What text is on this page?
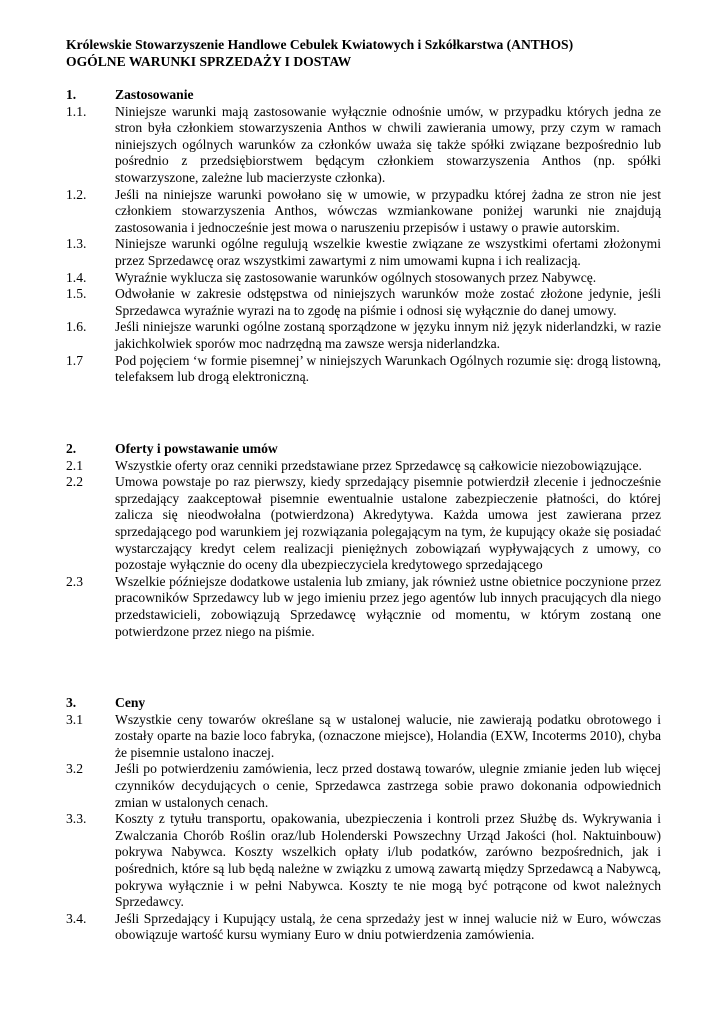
Królewskie Stowarzyszenie Handlowe Cebulek Kwiatowych i Szkółkarstwa (ANTHOS)
OGÓLNE WARUNKI SPRZEDAŻY I DOSTAW
1.	Zastosowanie
1.1.	Niniejsze warunki mają zastosowanie wyłącznie odnośnie umów, w przypadku których jedna ze stron była członkiem stowarzyszenia Anthos w chwili zawierania umowy, przy czym w ramach niniejszych ogólnych warunków za członków uważa się także spółki związane bezpośrednio lub pośrednio z przedsiębiorstwem będącym członkiem stowarzyszenia Anthos (np. spółki stowarzyszone, zależne lub macierzyste członka).
1.2.	Jeśli na niniejsze warunki powołano się w umowie, w przypadku której żadna ze stron nie jest członkiem stowarzyszenia Anthos, wówczas wzmiankowane poniżej warunki nie znajdują zastosowania i jednocześnie jest mowa o naruszeniu przepisów i ustawy o prawie autorskim.
1.3.	Niniejsze warunki ogólne regulują wszelkie kwestie związane ze wszystkimi ofertami złożonymi przez Sprzedawcę oraz wszystkimi zawartymi z nim umowami kupna i ich realizacją.
1.4.	Wyraźnie wyklucza się zastosowanie warunków ogólnych stosowanych przez Nabywcę.
1.5.	Odwołanie w zakresie odstępstwa od niniejszych warunków może zostać złożone jedynie, jeśli Sprzedawca wyraźnie wyrazi na to zgodę na piśmie i odnosi się wyłącznie do danej umowy.
1.6.	Jeśli niniejsze warunki ogólne zostaną sporządzone w języku innym niż język niderlandzki, w razie jakichkolwiek sporów moc nadrzędną ma zawsze wersja niderlandzka.
1.7	Pod pojęciem ‘w formie pisemnej’ w niniejszych Warunkach Ogólnych rozumie się: drogą listowną, telefaksem lub drogą elektroniczną.
2.	Oferty i powstawanie umów
2.1	Wszystkie oferty oraz cenniki przedstawiane przez Sprzedawcę są całkowicie niezobowiązujące.
2.2	Umowa powstaje po raz pierwszy, kiedy sprzedający pisemnie potwierdził zlecenie i jednocześnie sprzedający zaakceptował pisemnie ewentualnie ustalone zabezpieczenie płatności, do której zalicza się nieodwołalna (potwierdzona) Akredytywa. Każda umowa jest zawierana przez sprzedającego pod warunkiem jej rozwiązania polegającym na tym, że kupujący okaże się posiadać wystarczający kredyt celem realizacji pieniężnych zobowiązań wypływających z umowy, co pozostaje wyłącznie do oceny dla ubezpieczyciela kredytowego sprzedającego
2.3	Wszelkie późniejsze dodatkowe ustalenia lub zmiany, jak również ustne obietnice poczynione przez pracowników Sprzedawcy lub w jego imieniu przez jego agentów lub innych pracujących dla niego przedstawicieli, zobowiązują Sprzedawcę wyłącznie od momentu, w którym zostaną one potwierdzone przez niego na piśmie.
3.	Ceny
3.1	Wszystkie ceny towarów określane są w ustalonej walucie, nie zawierają podatku obrotowego i zostały oparte na bazie loco fabryka, (oznaczone miejsce), Holandia (EXW, Incoterms 2010), chyba że pisemnie ustalono inaczej.
3.2	Jeśli po potwierdzeniu zamówienia, lecz przed dostawą towarów, ulegnie zmianie jeden lub więcej czynników decydujących o cenie, Sprzedawca zastrzega sobie prawo dokonania odpowiednich zmian w ustalonych cenach.
3.3.	Koszty z tytułu transportu, opakowania, ubezpieczenia i kontroli przez Służbę ds. Wykrywania i Zwalczania Chorób Roślin oraz/lub Holenderski Powszechny Urząd Jakości (hol. Naktuinbouw) pokrywa Nabywca. Koszty wszelkich opłaty i/lub podatków, zarówno bezpośrednich, jak i pośrednich, które są lub będą należne w związku z umową zawartą między Sprzedawcą a Nabywcą, pokrywa wyłącznie i w pełni Nabywca. Koszty te nie mogą być potrącone od kwot należnych Sprzedawcy.
3.4.	Jeśli Sprzedający i Kupujący ustalą, że cena sprzedaży jest w innej walucie niż w Euro, wówczas obowiązuje wartość kursu wymiany Euro w dniu potwierdzenia zamówienia.
